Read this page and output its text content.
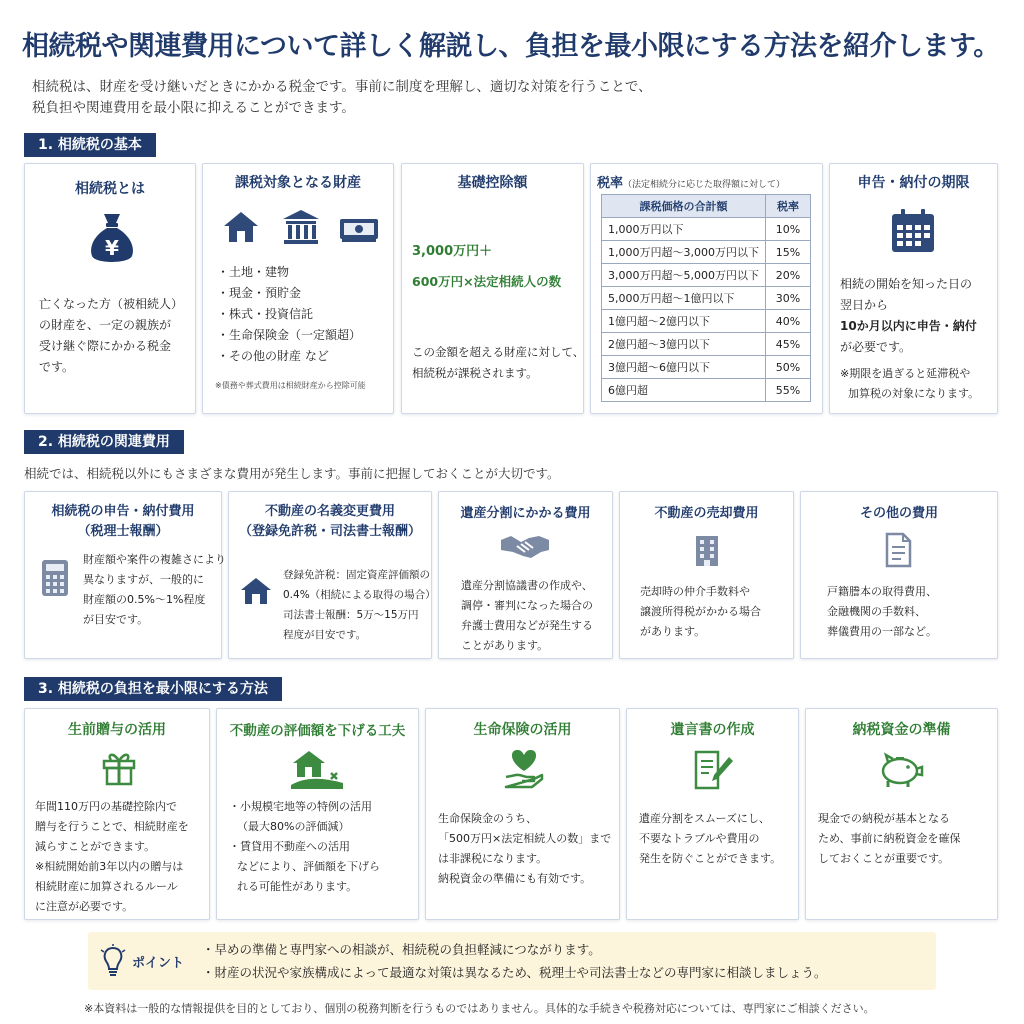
相続税や関連費用について詳しく解説し、負担を最小限にする方法を紹介します。
相続税は、財産を受け継いだときにかかる税金です。事前に制度を理解し、適切な対策を行うことで、
税負担や関連費用を最小限に抑えることができます。
1. 相続税の基本
相続税とは
¥
亡くなった方（被相続人）
の財産を、一定の親族が
受け継ぐ際にかかる税金
です。
課税対象となる財産
・土地・建物
・現金・預貯金
・株式・投資信託
・生命保険金（一定額超）
・その他の財産 など
※債務や葬式費用は相続財産から控除可能
基礎控除額
3,000万円＋
600万円×法定相続人の数
この金額を超える財産に対して、
相続税が課税されます。
税率（法定相続分に応じた取得額に対して）
課税価格の合計額	税率
1,000万円以下	10%
1,000万円超～3,000万円以下	15%
3,000万円超～5,000万円以下	20%
5,000万円超～1億円以下	30%
1億円超～2億円以下	40%
2億円超～3億円以下	45%
3億円超～6億円以下	50%
6億円超	55%
申告・納付の期限
相続の開始を知った日の
翌日から
10か月以内に申告・納付
が必要です。
※期限を過ぎると延滞税や
加算税の対象になります。
2. 相続税の関連費用
相続では、相続税以外にもさまざまな費用が発生します。事前に把握しておくことが大切です。
相続税の申告・納付費用
（税理士報酬）
財産額や案件の複雑さにより
異なりますが、一般的に
財産額の0.5%〜1%程度
が目安です。
不動産の名義変更費用
（登録免許税・司法書士報酬）
登録免許税：固定資産評価額の
0.4%（相続による取得の場合）
司法書士報酬：5万〜15万円
程度が目安です。
遺産分割にかかる費用
遺産分割協議書の作成や、
調停・審判になった場合の
弁護士費用などが発生する
ことがあります。
不動産の売却費用
売却時の仲介手数料や
譲渡所得税がかかる場合
があります。
その他の費用
戸籍謄本の取得費用、
金融機関の手数料、
葬儀費用の一部など。
3. 相続税の負担を最小限にする方法
生前贈与の活用
年間110万円の基礎控除内で
贈与を行うことで、相続財産を
減らすことができます。
※相続開始前3年以内の贈与は
相続財産に加算されるルール
に注意が必要です。
不動産の評価額を下げる工夫
・小規模宅地等の特例の活用
（最大80%の評価減）
・賃貸用不動産への活用
などにより、評価額を下げら
れる可能性があります。
生命保険の活用
生命保険金のうち、
「500万円×法定相続人の数」まで
は非課税になります。
納税資金の準備にも有効です。
遺言書の作成
遺産分割をスムーズにし、
不要なトラブルや費用の
発生を防ぐことができます。
納税資金の準備
現金での納税が基本となる
ため、事前に納税資金を確保
しておくことが重要です。
ポイント
・早めの準備と専門家への相談が、相続税の負担軽減につながります。
・財産の状況や家族構成によって最適な対策は異なるため、税理士や司法書士などの専門家に相談しましょう。
※本資料は一般的な情報提供を目的としており、個別の税務判断を行うものではありません。具体的な手続きや税務対応については、専門家にご相談ください。
